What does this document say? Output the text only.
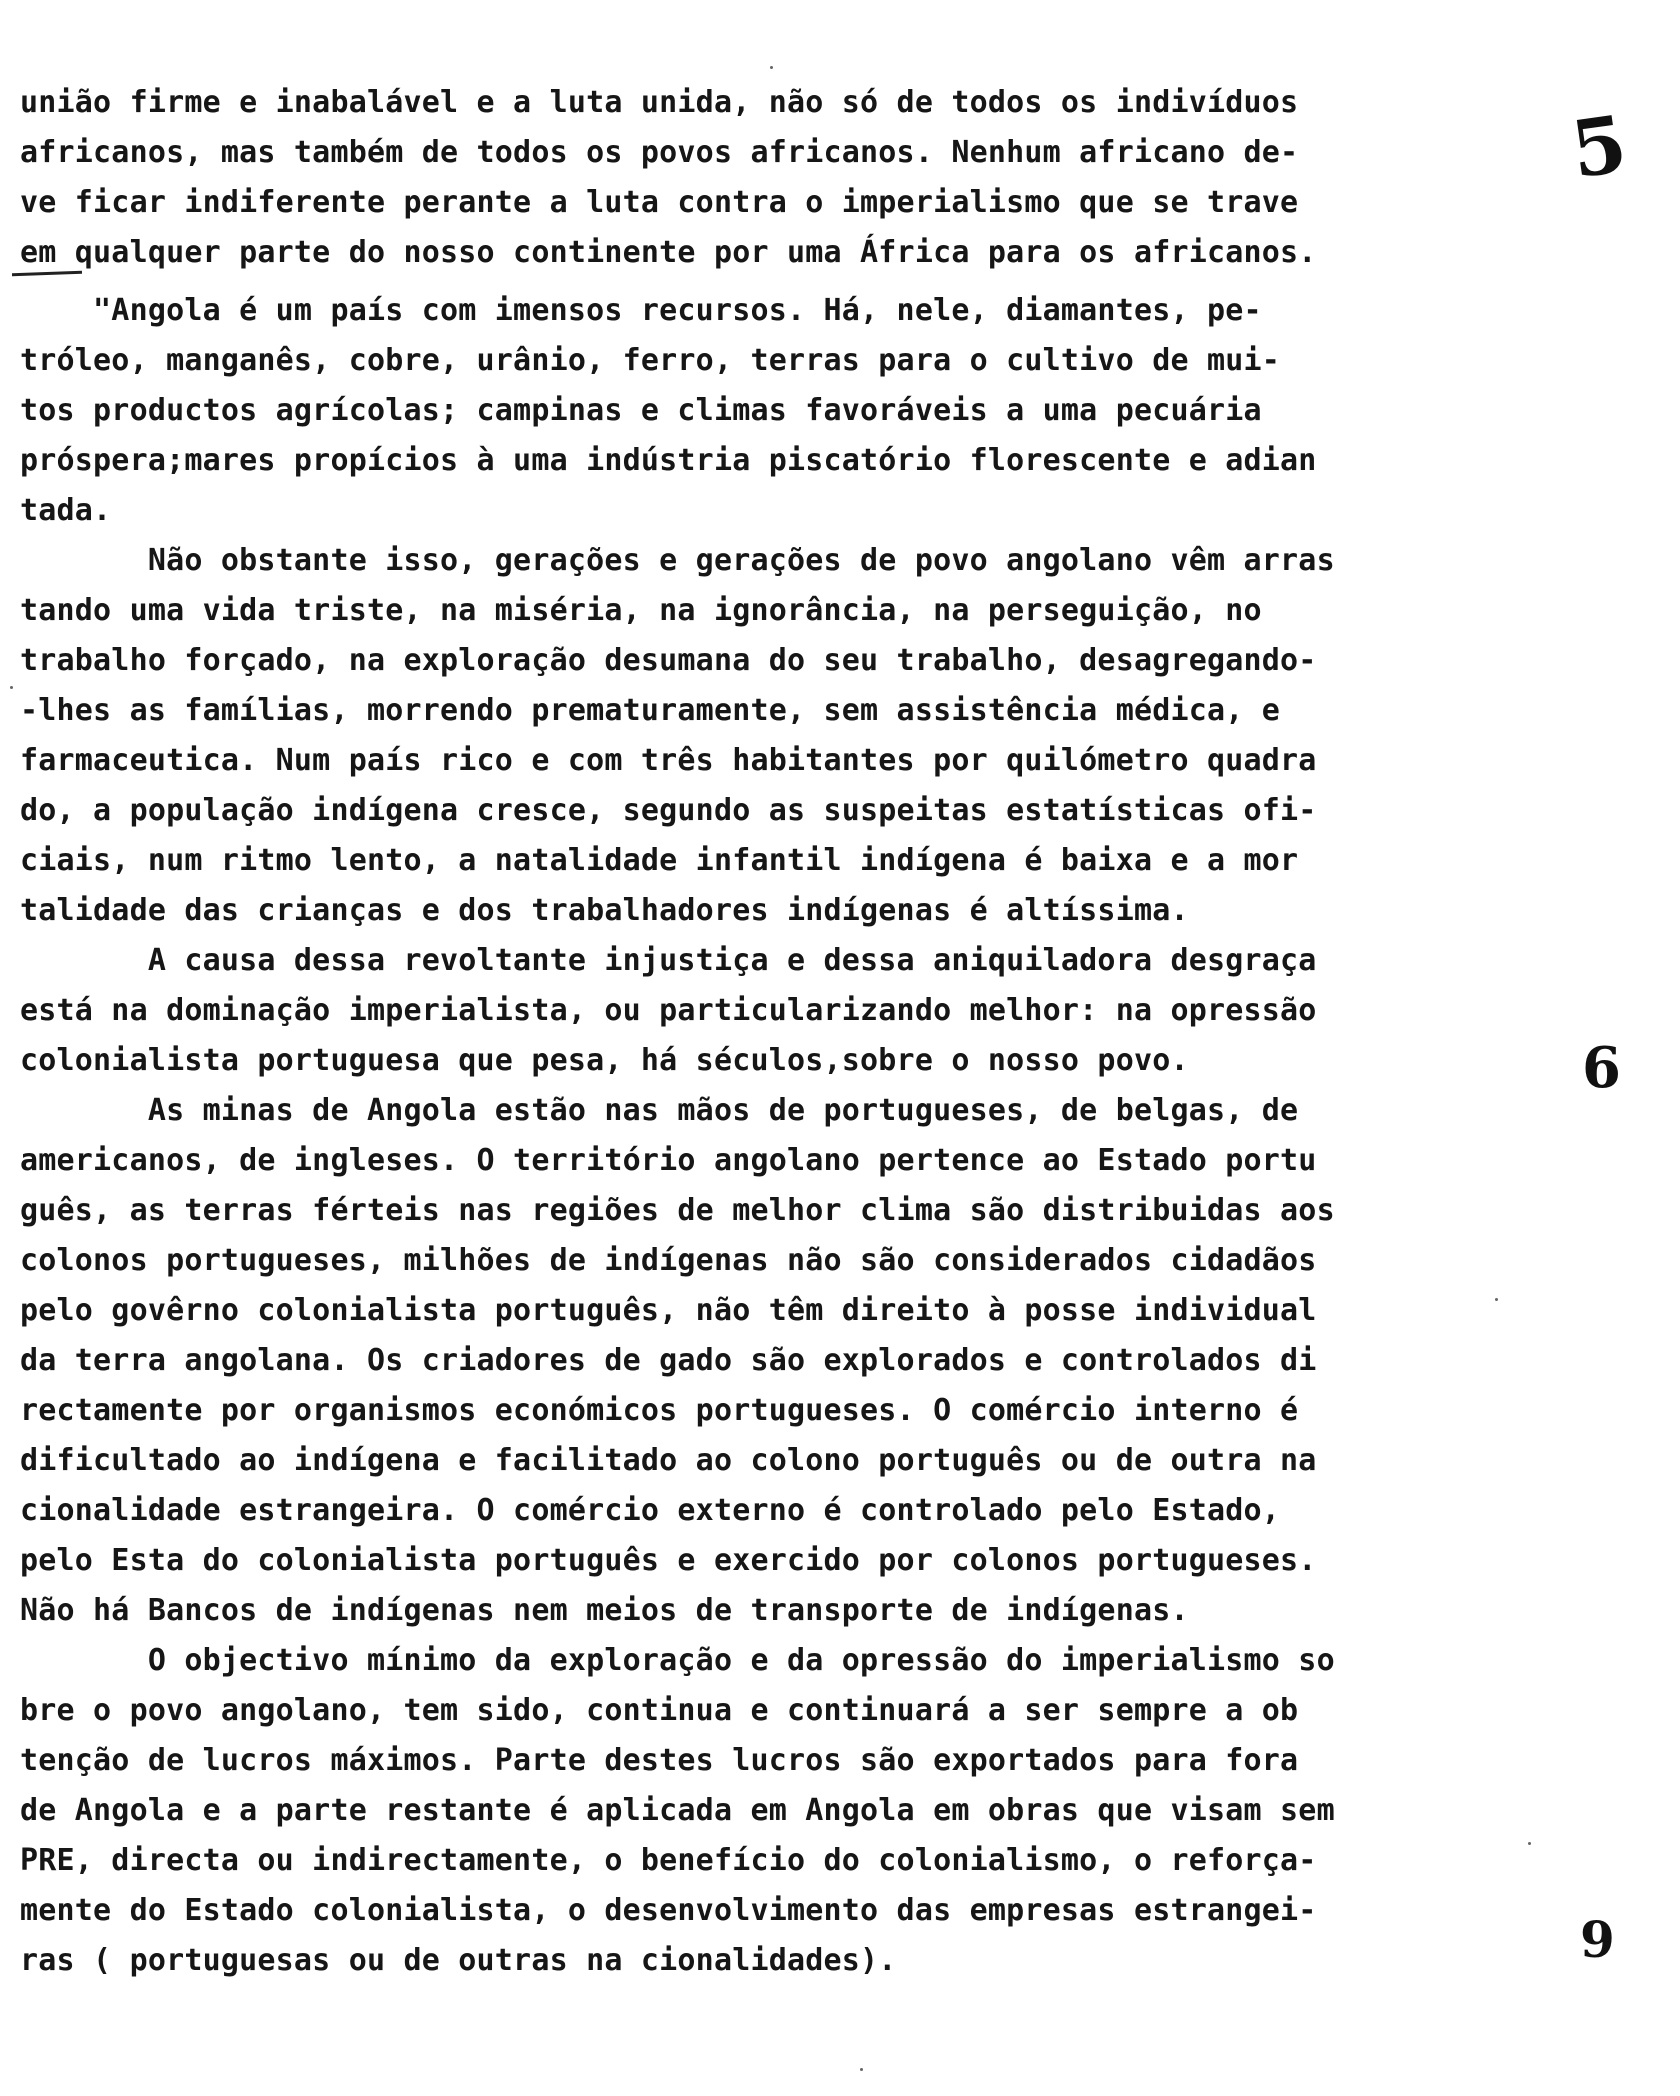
união firme e inabalável e a luta unida, não só de todos os indivíduos
africanos, mas também de todos os povos africanos. Nenhum africano de-
ve ficar indiferente perante a luta contra o imperialismo que se trave
em qualquer parte do nosso continente por uma África para os africanos.
"Angola é um país com imensos recursos. Há, nele, diamantes, pe-
tróleo, manganês, cobre, urânio, ferro, terras para o cultivo de mui-
tos productos agrícolas; campinas e climas favoráveis a uma pecuária
próspera;mares propícios à uma indústria piscatório florescente e adian
tada.
Não obstante isso, gerações e gerações de povo angolano vêm arras
tando uma vida triste, na miséria, na ignorância, na perseguição, no
trabalho forçado, na exploração desumana do seu trabalho, desagregando-
-lhes as famílias, morrendo prematuramente, sem assistência médica, e
farmaceutica. Num país rico e com três habitantes por quilómetro quadra
do, a população indígena cresce, segundo as suspeitas estatísticas ofi-
ciais, num ritmo lento, a natalidade infantil indígena é baixa e a mor
talidade das crianças e dos trabalhadores indígenas é altíssima.
A causa dessa revoltante injustiça e dessa aniquiladora desgraça
está na dominação imperialista, ou particularizando melhor: na opressão
colonialista portuguesa que pesa, há séculos,sobre o nosso povo.
As minas de Angola estão nas mãos de portugueses, de belgas, de
americanos, de ingleses. O território angolano pertence ao Estado portu
guês, as terras férteis nas regiões de melhor clima são distribuidas aos
colonos portugueses, milhões de indígenas não são considerados cidadãos
pelo govêrno colonialista português, não têm direito à posse individual
da terra angolana. Os criadores de gado são explorados e controlados di
rectamente por organismos económicos portugueses. O comércio interno é
dificultado ao indígena e facilitado ao colono português ou de outra na
cionalidade estrangeira. O comércio externo é controlado pelo Estado,
pelo Esta do colonialista português e exercido por colonos portugueses.
Não há Bancos de indígenas nem meios de transporte de indígenas.
O objectivo mínimo da exploração e da opressão do imperialismo so
bre o povo angolano, tem sido, continua e continuará a ser sempre a ob
tenção de lucros máximos. Parte destes lucros são exportados para fora
de Angola e a parte restante é aplicada em Angola em obras que visam sem
PRE, directa ou indirectamente, o benefício do colonialismo, o reforça-
mente do Estado colonialista, o desenvolvimento das empresas estrangei-
ras ( portuguesas ou de outras na cionalidades).
5
6
9
